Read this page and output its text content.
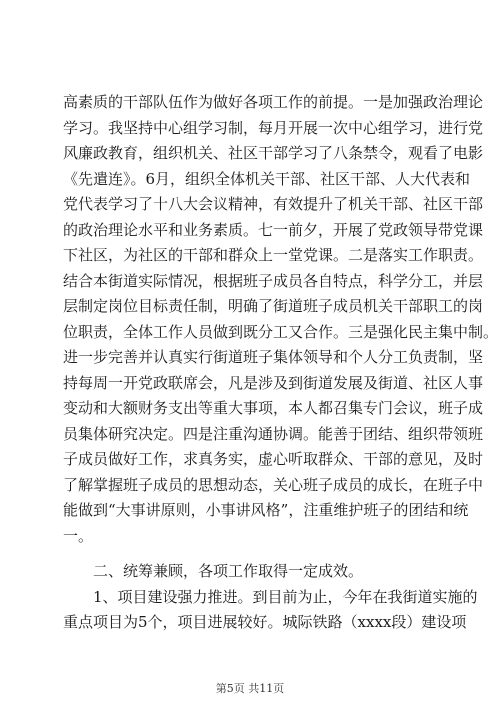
高素质的干部队伍作为做好各项工作的前提。一是加强政治理论
学习。我坚持中心组学习制，每月开展一次中心组学习，进行党
风廉政教育，组织机关、社区干部学习了八条禁令，观看了电影
《先遣连》。6月，组织全体机关干部、社区干部、人大代表和
党代表学习了十八大会议精神，有效提升了机关干部、社区干部
的政治理论水平和业务素质。七一前夕，开展了党政领导带党课
下社区，为社区的干部和群众上一堂党课。二是落实工作职责。
结合本街道实际情况，根据班子成员各自特点，科学分工，并层
层制定岗位目标责任制，明确了街道班子成员机关干部职工的岗
位职责，全体工作人员做到既分工又合作。三是强化民主集中制。
进一步完善并认真实行街道班子集体领导和个人分工负责制，坚
持每周一开党政联席会，凡是涉及到街道发展及街道、社区人事
变动和大额财务支出等重大事项，本人都召集专门会议，班子成
员集体研究决定。四是注重沟通协调。能善于团结、组织带领班
子成员做好工作，求真务实，虚心听取群众、干部的意见，及时
了解掌握班子成员的思想动态，关心班子成员的成长，在班子中
能做到“大事讲原则，小事讲风格”，注重维护班子的团结和统
一。
二、统筹兼顾，各项工作取得一定成效。
1、项目建设强力推进。到目前为止，今年在我街道实施的
重点项目为5个，项目进展较好。城际铁路（xxxx段）建设项
第5页 共11页
